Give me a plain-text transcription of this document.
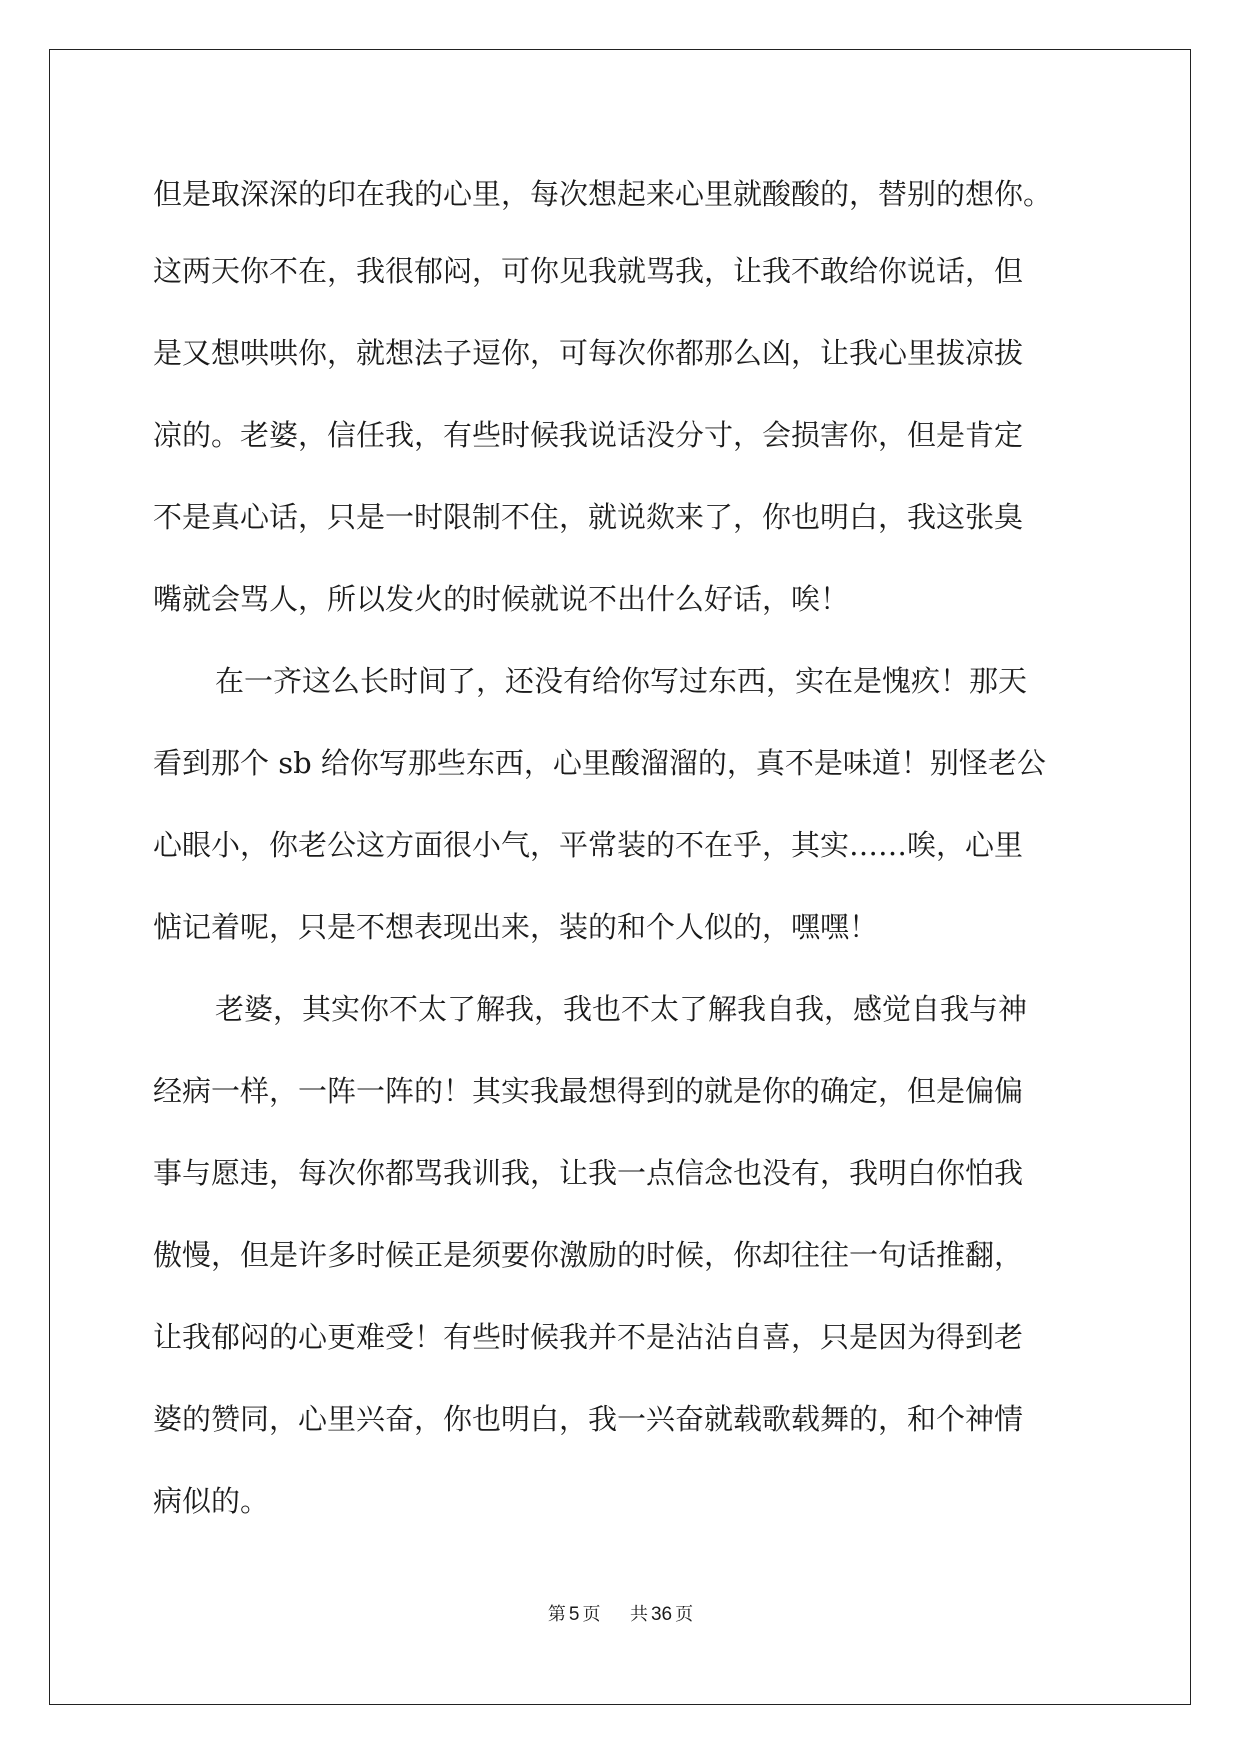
但是取深深的印在我的心里，每次想起来心里就酸酸的，替别的想你。

这两天你不在，我很郁闷，可你见我就骂我，让我不敢给你说话，但

是又想哄哄你，就想法子逗你，可每次你都那么凶，让我心里拔凉拔

凉的。老婆，信任我，有些时候我说话没分寸，会损害你，但是肯定

不是真心话，只是一时限制不住，就说欻来了，你也明白，我这张臭

嘴就会骂人，所以发火的时候就说不出什么好话，唉！

在一齐这么长时间了，还没有给你写过东西，实在是愧疚！那天

看到那个 sb 给你写那些东西，心里酸溜溜的，真不是味道！别怪老公

心眼小，你老公这方面很小气，平常装的不在乎，其实……唉，心里

惦记着呢，只是不想表现出来，装的和个人似的，嘿嘿！

老婆，其实你不太了解我，我也不太了解我自我，感觉自我与神

经病一样，一阵一阵的！其实我最想得到的就是你的确定，但是偏偏

事与愿违，每次你都骂我训我，让我一点信念也没有，我明白你怕我

傲慢，但是许多时候正是须要你激励的时候，你却往往一句话推翻，

让我郁闷的心更难受！有些时候我并不是沾沾自喜，只是因为得到老

婆的赞同，心里兴奋，你也明白，我一兴奋就载歌载舞的，和个神情

病似的。

第 5 页 共 36 页
